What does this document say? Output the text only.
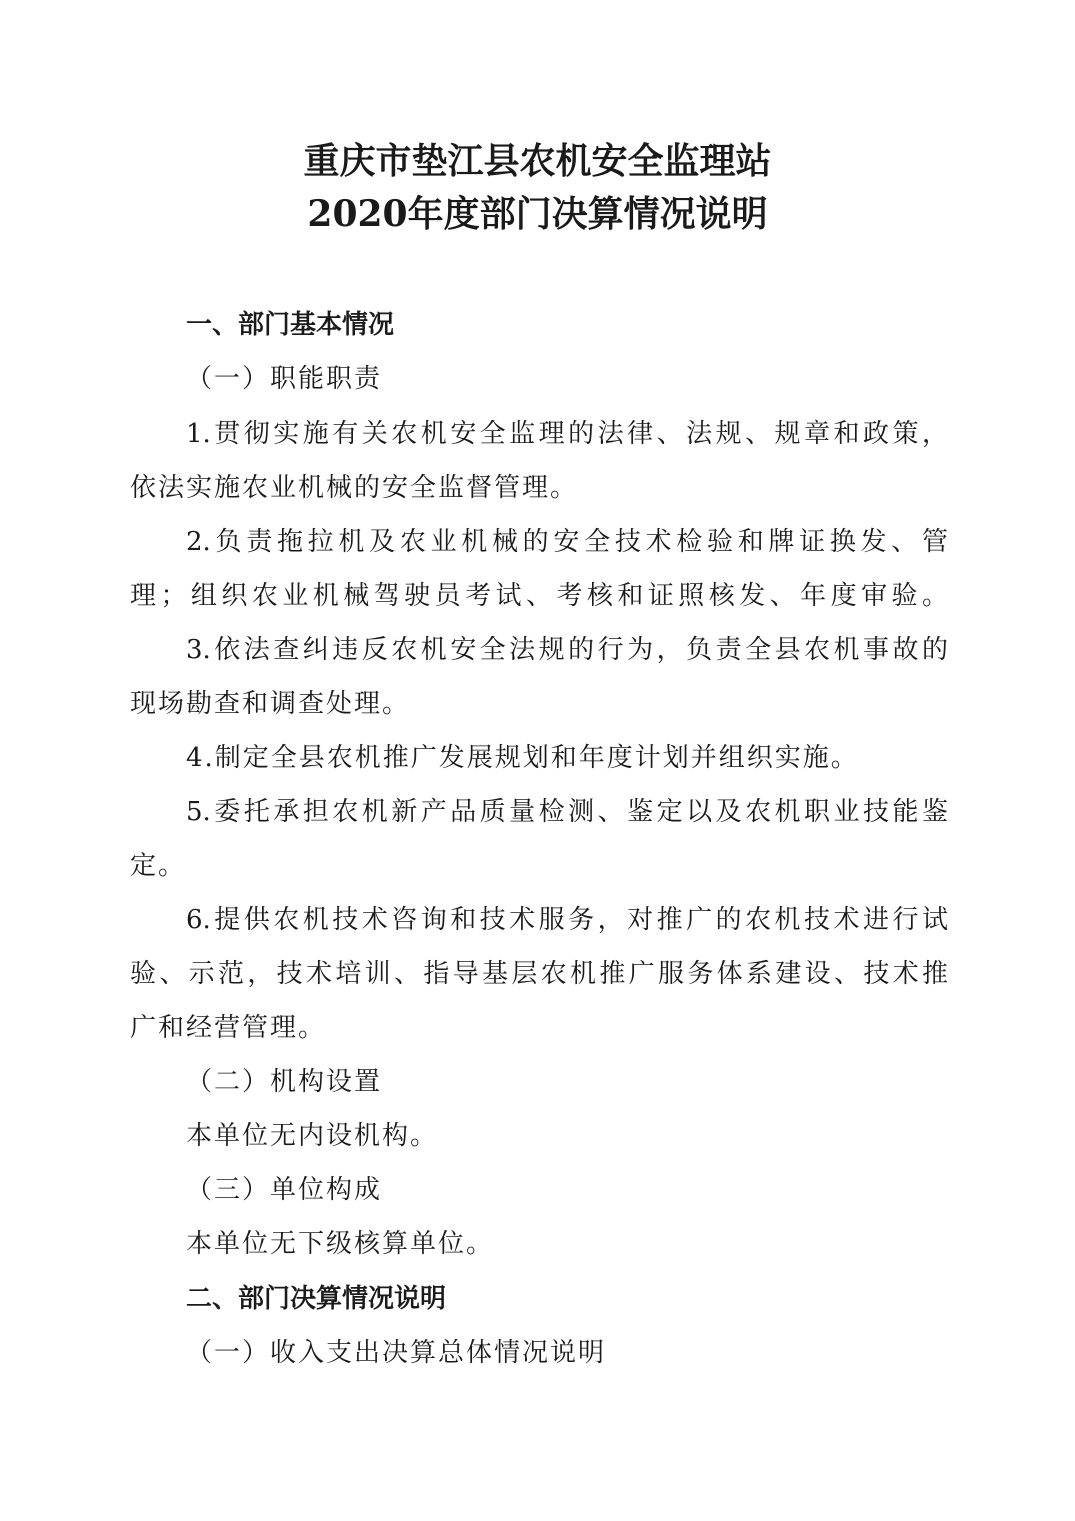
重庆市垫江县农机安全监理站
2020年度部门决算情况说明
一、部门基本情况
（一）职能职责
1.贯彻实施有关农机安全监理的法律、法规、规章和政策，
依法实施农业机械的安全监督管理。
2.负责拖拉机及农业机械的安全技术检验和牌证换发、管
理；组织农业机械驾驶员考试、考核和证照核发、年度审验。
3.依法查纠违反农机安全法规的行为，负责全县农机事故的
现场勘查和调查处理。
4.制定全县农机推广发展规划和年度计划并组织实施。
5.委托承担农机新产品质量检测、鉴定以及农机职业技能鉴
定。
6.提供农机技术咨询和技术服务，对推广的农机技术进行试
验、示范，技术培训、指导基层农机推广服务体系建设、技术推
广和经营管理。
（二）机构设置
本单位无内设机构。
（三）单位构成
本单位无下级核算单位。
二、部门决算情况说明
（一）收入支出决算总体情况说明
